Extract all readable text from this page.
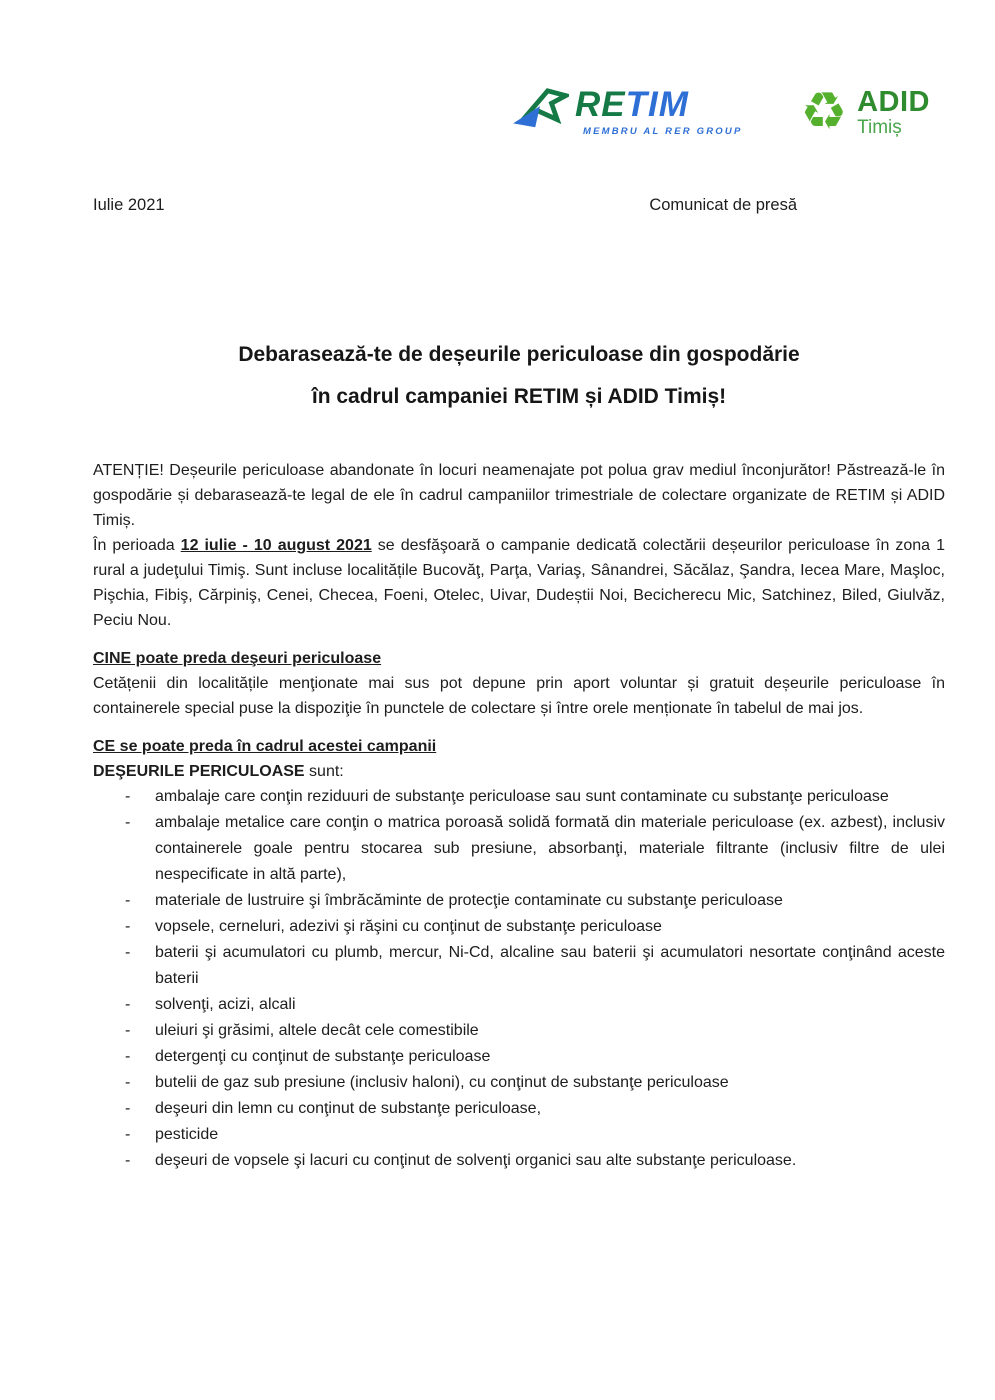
RETIM
MEMBRU AL RER GROUP ♻ ADID
Timiș
Iulie 2021	Comunicat de presă
Debarasează-te de deșeurile periculoase din gospodărie
în cadrul campaniei RETIM și ADID Timiș!

ATENȚIE! Deșeurile periculoase abandonate în locuri neamenajate pot polua grav mediul înconjurător! Păstrează-le în gospodărie și debarasează-te legal de ele în cadrul campaniilor trimestriale de colectare organizate de RETIM și ADID Timiș.

În perioada 12 iulie - 10 august 2021 se desfăşoară o campanie dedicată colectării deșeurilor periculoase în zona 1 rural a judeţului Timiş. Sunt incluse localitățile Bucovăţ, Parţa, Variaş, Sânandrei, Săcălaz, Şandra, Iecea Mare, Maşloc, Pişchia, Fibiş, Cărpiniş, Cenei, Checea, Foeni, Otelec, Uivar, Dudeștii Noi, Becicherecu Mic, Satchinez, Biled, Giulvăz, Peciu Nou.

CINE poate preda deşeuri periculoase

Cetățenii din localitățile menţionate mai sus pot depune prin aport voluntar și gratuit deșeurile periculoase în containerele special puse la dispoziţie în punctele de colectare și între orele menționate în tabelul de mai jos.

CE se poate preda în cadrul acestei campanii

DEŞEURILE PERICULOASE sunt:

-	ambalaje care conţin reziduuri de substanţe periculoase sau sunt contaminate cu substanţe periculoase
-	ambalaje metalice care conţin o matrica poroasă solidă formată din materiale periculoase (ex. azbest), inclusiv containerele goale pentru stocarea sub presiune, absorbanţi, materiale filtrante (inclusiv filtre de ulei nespecificate in altă parte),
-	materiale de lustruire şi îmbrăcăminte de protecţie contaminate cu substanţe periculoase
-	vopsele, cerneluri, adezivi şi răşini cu conţinut de substanţe periculoase
-	baterii şi acumulatori cu plumb, mercur, Ni-Cd, alcaline sau baterii şi acumulatori nesortate conţinând aceste baterii
-	solvenţi, acizi, alcali
-	uleiuri şi grăsimi, altele decât cele comestibile
-	detergenţi cu conţinut de substanţe periculoase
-	butelii de gaz sub presiune (inclusiv haloni), cu conţinut de substanţe periculoase
-	deşeuri din lemn cu conţinut de substanţe periculoase,
-	pesticide
-	deşeuri de vopsele şi lacuri cu conţinut de solvenţi organici sau alte substanţe periculoase.
